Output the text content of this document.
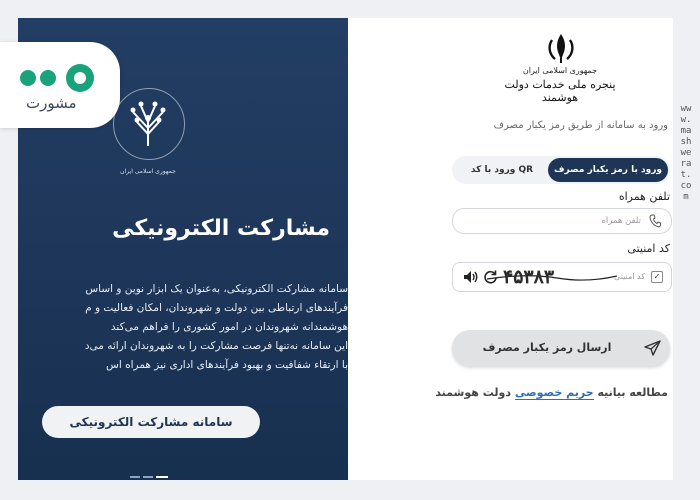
جمهوری اسلامی ایران
مشارکت الکترونیکی
سامانه مشارکت الکترونیکی، به‌عنوان یک ابزار نوین و اساس
فرآیندهای ارتباطی بین دولت و شهروندان، امکان فعالیت و م
هوشمندانه شهروندان در امور کشوری را فراهم می‌کند
این سامانه نه‌تنها فرصت مشارکت را به شهروندان ارائه می‌د
با ارتقاء شفافیت و بهبود فرآیندهای اداری نیز همراه اس
سامانه مشارکت الکترونیکی
مشورت
جمهوری اسلامی ایران
پنجره ملی خدمات دولت هوشمند
ورود به سامانه از طریق رمز یکبار مصرف
ورود با رمز یکبار مصرف
ورود با کد QR
تلفن همراه
تلفن همراه
کد امنیتی
✓
کد امنیتی
۴۵۳۸۳
ارسال رمز یکبار مصرف
مطالعه بیانیه حریم خصوصی دولت هوشمند
www.mashwerat.com
